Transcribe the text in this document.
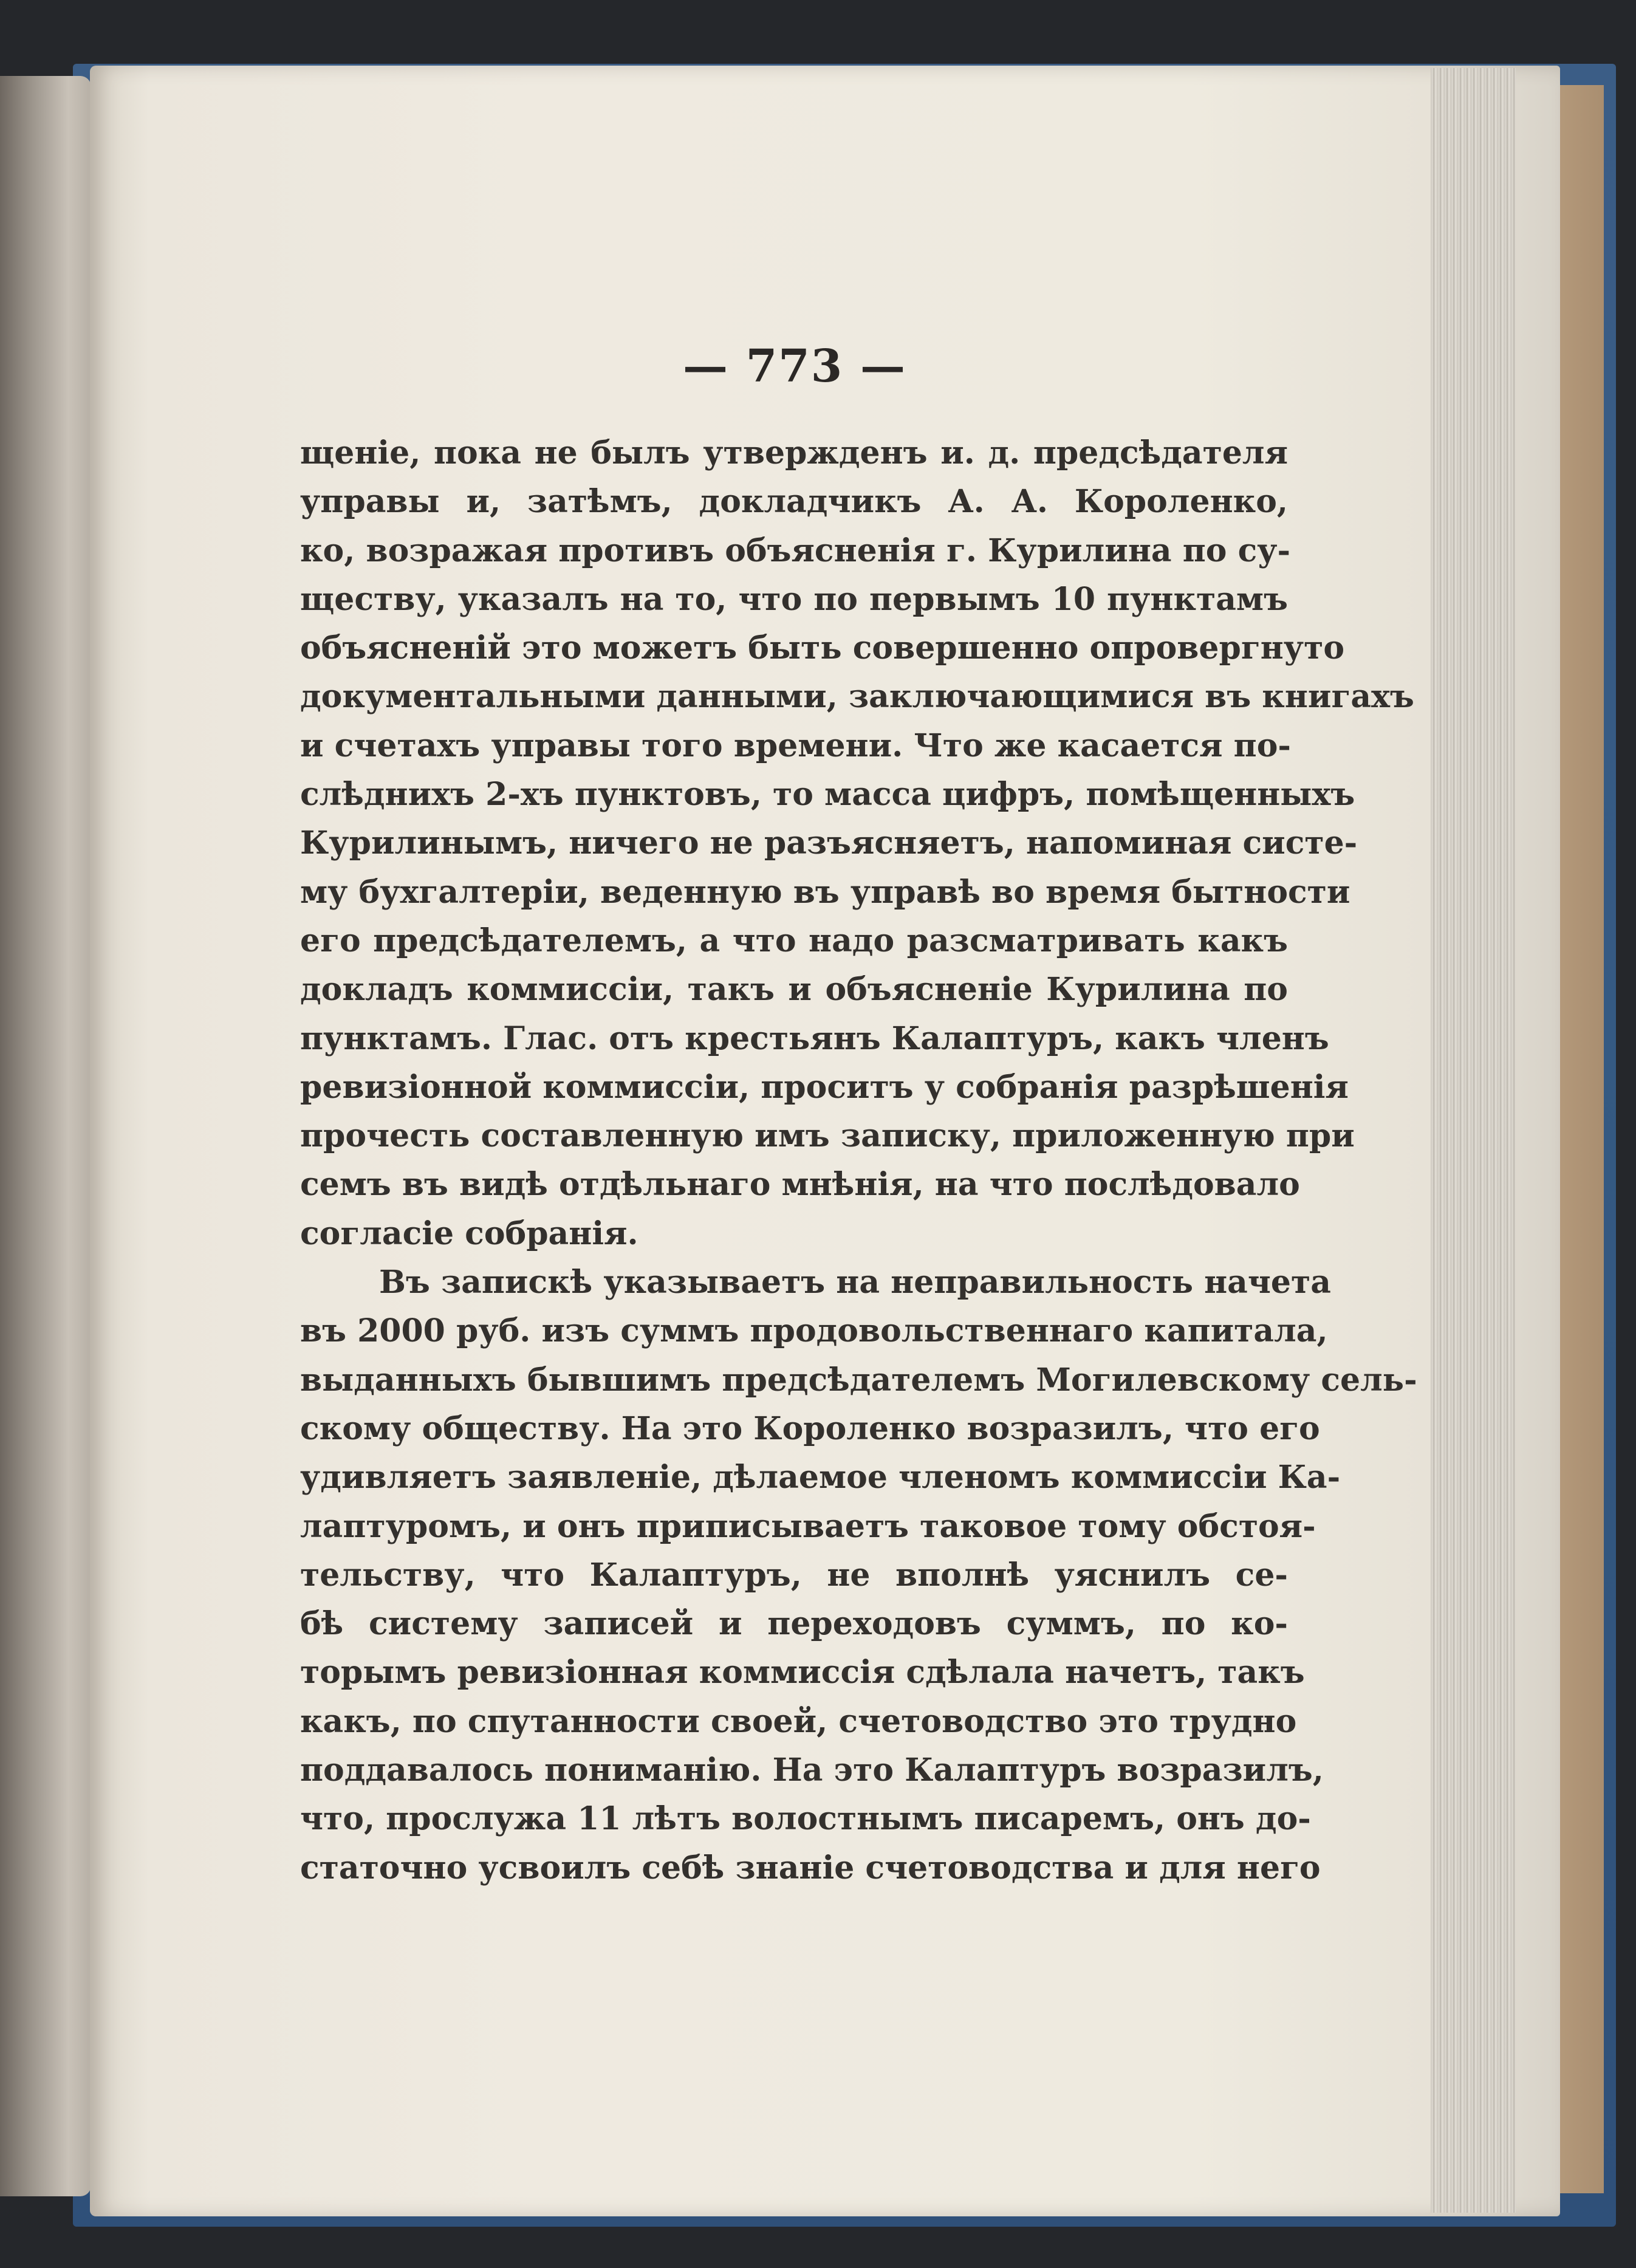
— 773 —
щеніе, пока не былъ утвержденъ и. д. предсѣдателя
управы и, затѣмъ, докладчикъ А. А. Короленко,
ко, возражая противъ объясненія г. Курилина по су-
ществу, указалъ на то, что по первымъ 10 пунктамъ
объясненій это можетъ быть совершенно опровергнуто
документальными данными, заключающимися въ книгахъ
и счетахъ управы того времени. Что же касается по-
слѣднихъ 2-хъ пунктовъ, то масса цифръ, помѣщенныхъ
Курилинымъ, ничего не разъясняетъ, напоминая систе-
му бухгалтеріи, веденную въ управѣ во время бытности
его предсѣдателемъ, а что надо разсматривать какъ
докладъ коммиссіи, такъ и объясненіе Курилина по
пунктамъ. Глас. отъ крестьянъ Калаптуръ, какъ членъ
ревизіонной коммиссіи, проситъ у собранія разрѣшенія
прочесть составленную имъ записку, приложенную при
семъ въ видѣ отдѣльнаго мнѣнія, на что послѣдовало
согласіе собранія.
Въ запискѣ указываетъ на неправильность начета
въ 2000 руб. изъ суммъ продовольственнаго капитала,
выданныхъ бывшимъ предсѣдателемъ Могилевскому сель-
скому обществу. На это Короленко возразилъ, что его
удивляетъ заявленіе, дѣлаемое членомъ коммиссіи Ка-
лаптуромъ, и онъ приписываетъ таковое тому обстоя-
тельству, что Калаптуръ, не вполнѣ уяснилъ се-
бѣ систему записей и переходовъ суммъ, по ко-
торымъ ревизіонная коммиссія сдѣлала начетъ, такъ
какъ, по спутанности своей, счетоводство это трудно
поддавалось пониманію. На это Калаптуръ возразилъ,
что, прослужа 11 лѣтъ волостнымъ писаремъ, онъ до-
статочно усвоилъ себѣ знаніе счетоводства и для него
